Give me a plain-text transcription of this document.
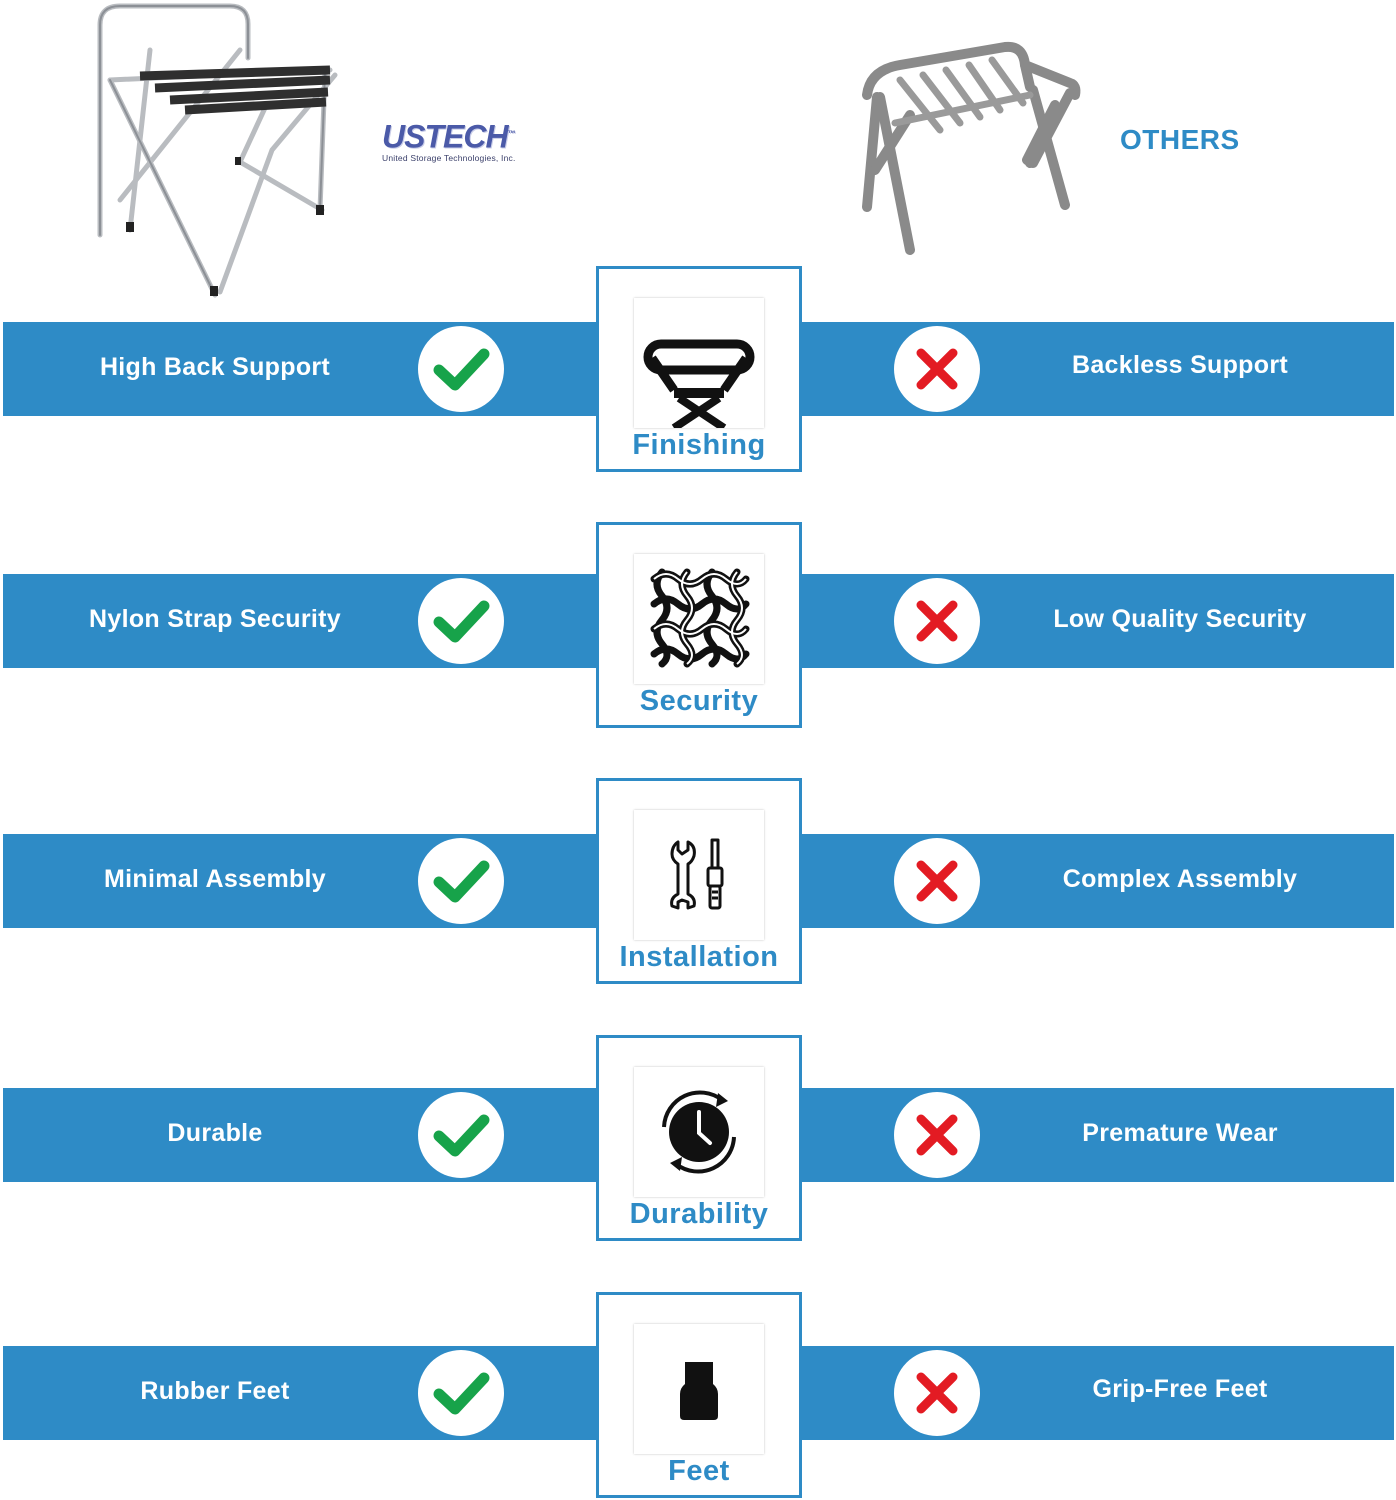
USTECH™
United Storage Technologies, Inc.
OTHERS
High Back Support	Backless Support
Finishing
Nylon Strap Security	Low Quality Security
Security
Minimal Assembly	Complex Assembly
Installation
Durable	Premature Wear
Durability
Rubber Feet	Grip-Free Feet
Feet
